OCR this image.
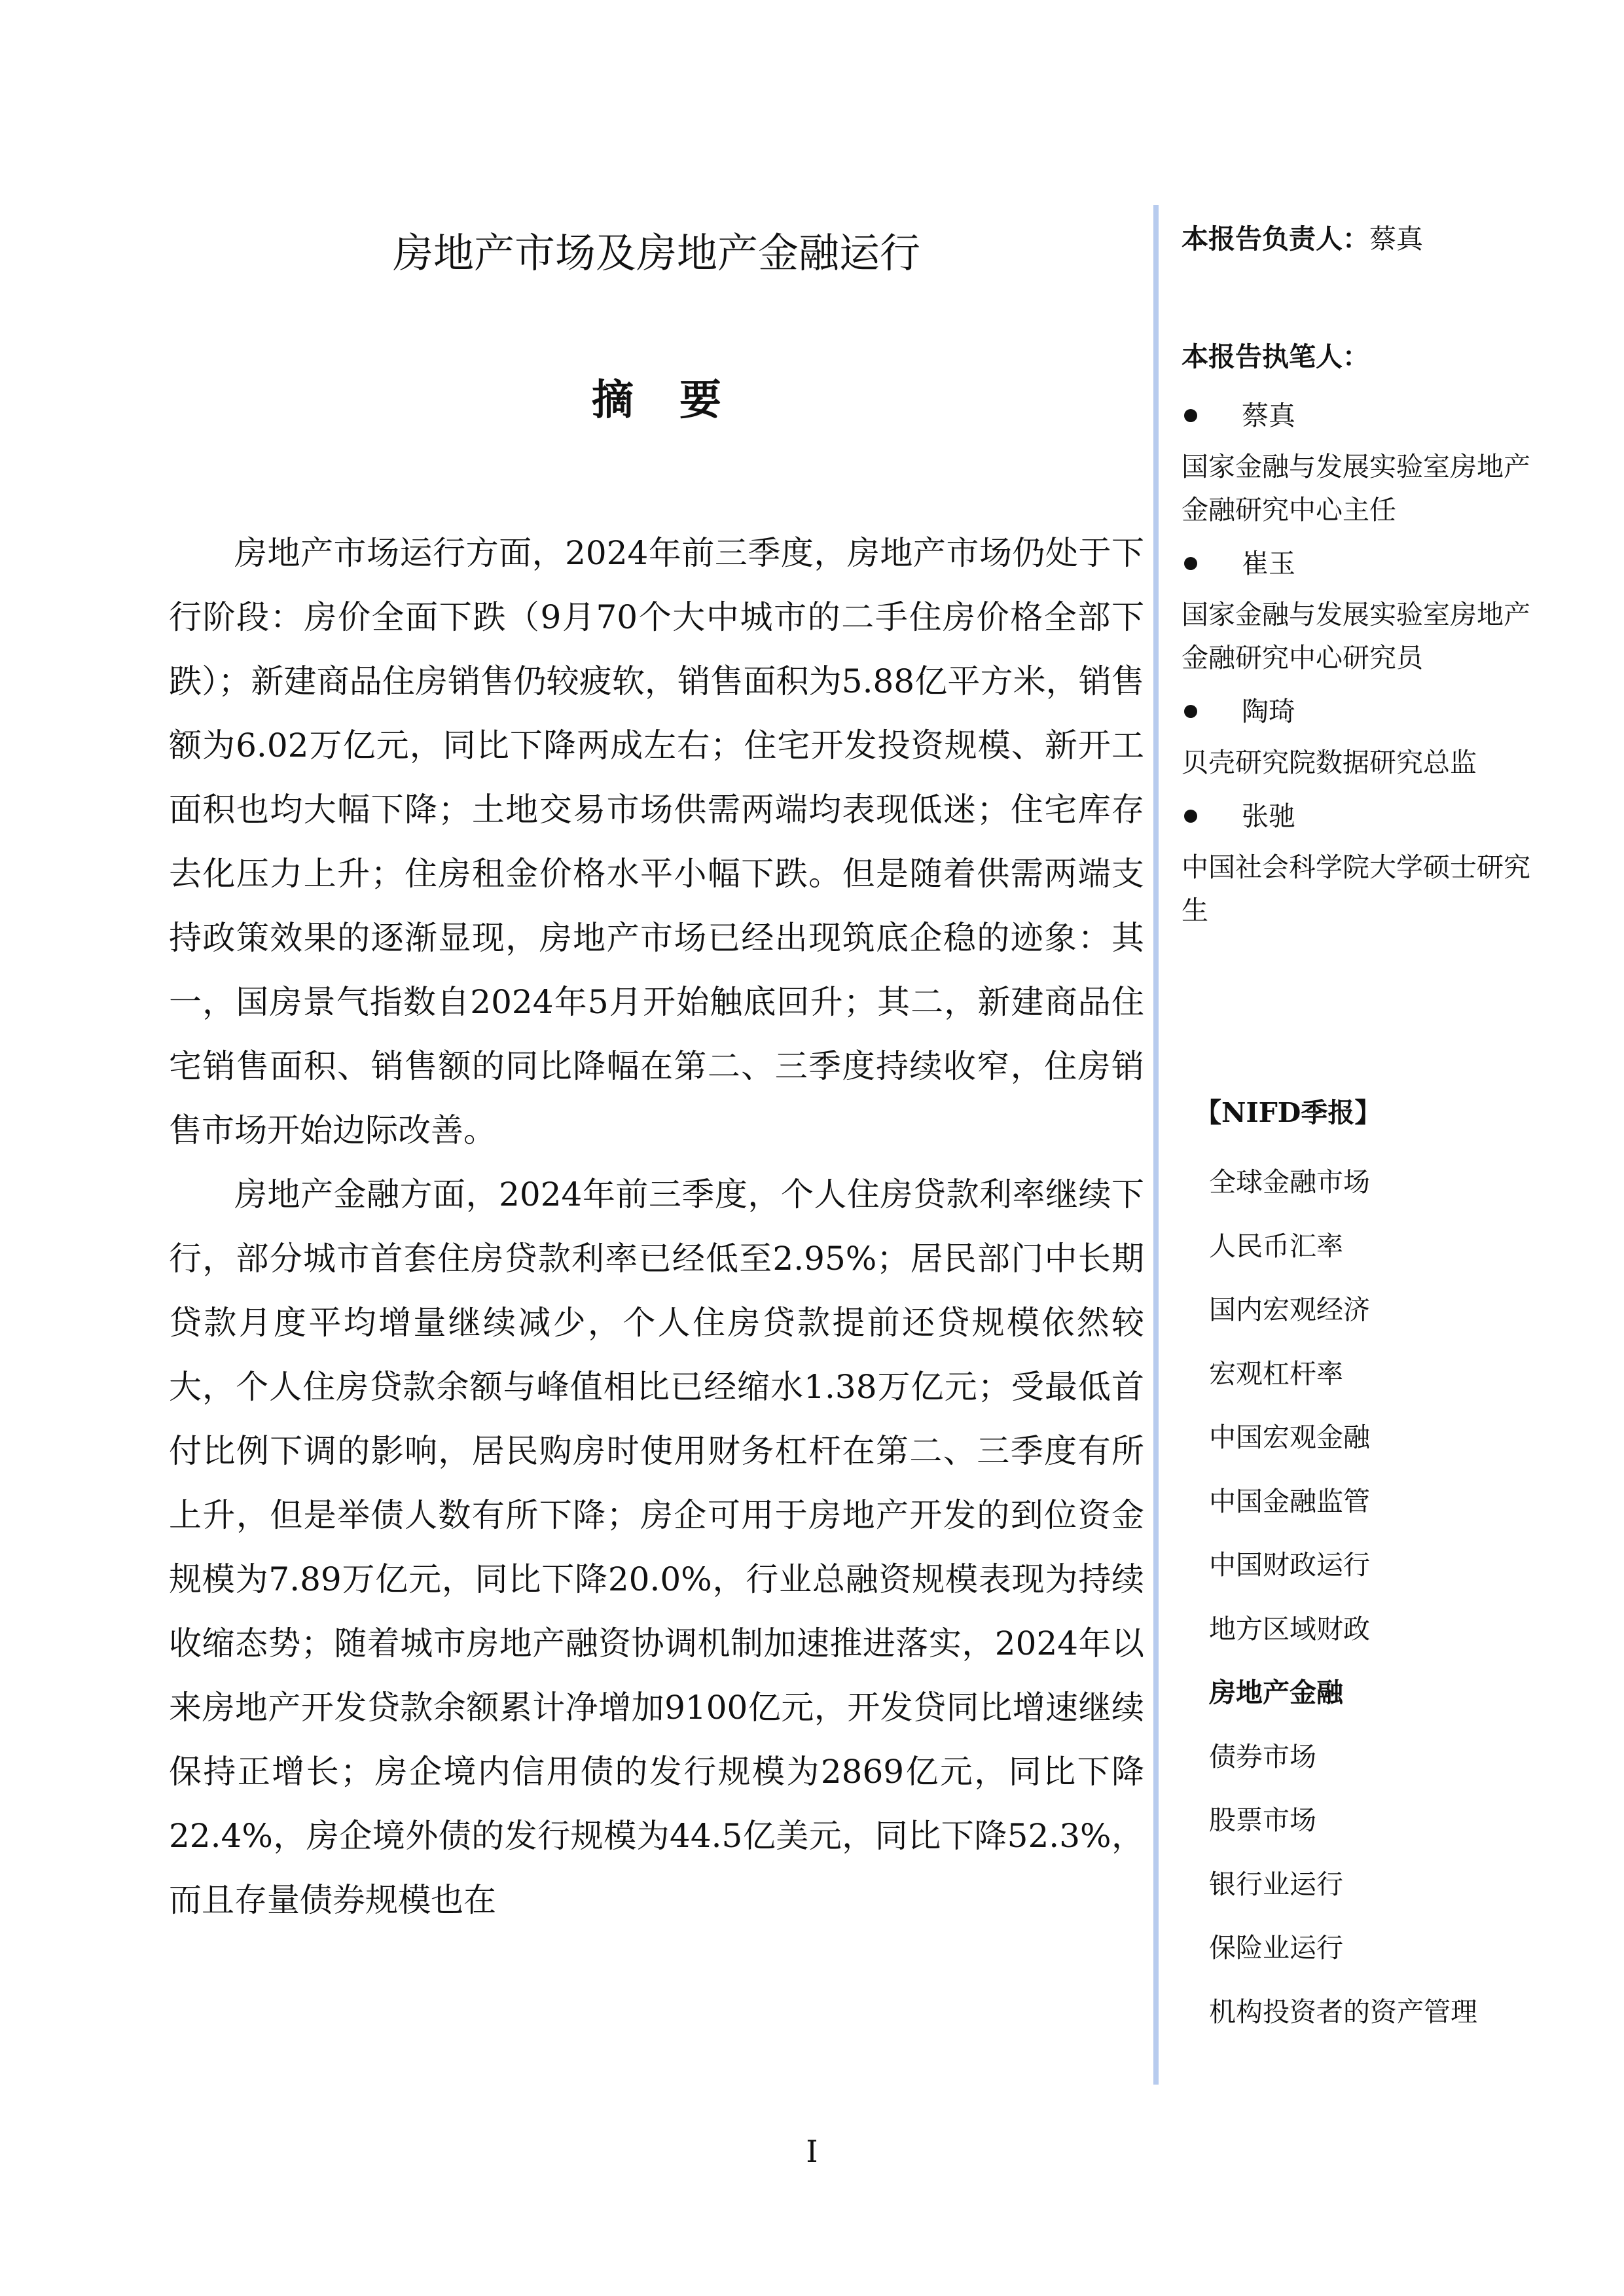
房地产市场及房地产金融运行
摘要

房地产市场运行方面，2024年前三季度，房地产市场仍处于下行阶段：房价全面下跌（9月70个大中城市的二手住房价格全部下跌）；新建商品住房销售仍较疲软，销售面积为5.88亿平方米，销售额为6.02万亿元，同比下降两成左右；住宅开发投资规模、新开工面积也均大幅下降；土地交易市场供需两端均表现低迷；住宅库存去化压力上升；住房租金价格水平小幅下跌。但是随着供需两端支持政策效果的逐渐显现，房地产市场已经出现筑底企稳的迹象：其一，国房景气指数自2024年5月开始触底回升；其二，新建商品住宅销售面积、销售额的同比降幅在第二、三季度持续收窄，住房销售市场开始边际改善。

房地产金融方面，2024年前三季度，个人住房贷款利率继续下行，部分城市首套住房贷款利率已经低至2.95%；居民部门中长期贷款月度平均增量继续减少，个人住房贷款提前还贷规模依然较大，个人住房贷款余额与峰值相比已经缩水1.38万亿元；受最低首付比例下调的影响，居民购房时使用财务杠杆在第二、三季度有所上升，但是举债人数有所下降；房企可用于房地产开发的到位资金规模为7.89万亿元，同比下降20.0%，行业总融资规模表现为持续收缩态势；随着城市房地产融资协调机制加速推进落实，2024年以来房地产开发贷款余额累计净增加9100亿元，开发贷同比增速继续保持正增长；房企境内信用债的发行规模为2869亿元，同比下降22.4%，房企境外债的发行规模为44.5亿美元，同比下降52.3%，而且存量债券规模也在

本报告负责人：蔡真

本报告执笔人：

蔡真

国家金融与发展实验室房地产金融研究中心主任

崔玉

国家金融与发展实验室房地产金融研究中心研究员

陶琦

贝壳研究院数据研究总监

张驰

中国社会科学院大学硕士研究生

【NIFD季报】

全球金融市场
人民币汇率
国内宏观经济
宏观杠杆率
中国宏观金融
中国金融监管
中国财政运行
地方区域财政
房地产金融
债券市场
股票市场
银行业运行
保险业运行
机构投资者的资产管理
I
